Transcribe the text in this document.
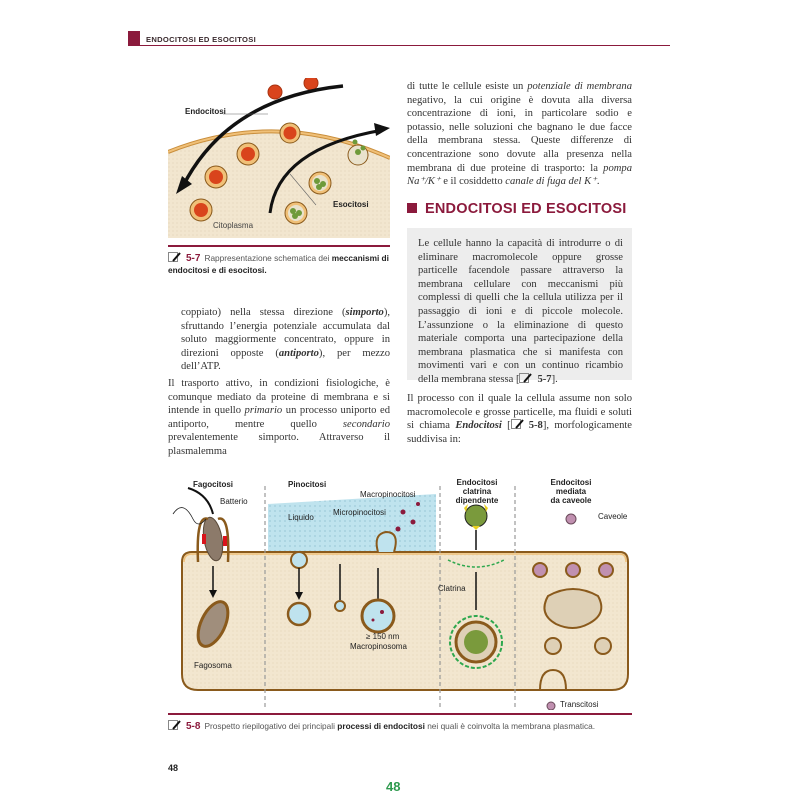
ENDOCITOSI ED ESOCITOSI
Endocitosi
Esocitosi
Citoplasma
5-7 Rappresentazione schematica dei meccanismi di endocitosi e di esocitosi.

coppiato) nella stessa direzione (simporto), sfruttando l’energia potenziale accumulata dal soluto maggiormente concentrato, oppure in direzioni opposte (antiporto), per mezzo dell’ATP.

Il trasporto attivo, in condizioni fisiologiche, è comunque mediato da proteine di membrana e si intende in quello primario un processo uniporto ed antiporto, mentre quello secondario prevalentemente simporto. Attraverso il plasmalemma

di tutte le cellule esiste un potenziale di membrana negativo, la cui origine è dovuta alla diversa concentrazione di ioni, in particolare sodio e potassio, nelle soluzioni che bagnano le due facce della membrana stessa. Queste differenze di concentrazione sono dovute alla presenza nella membrana di due proteine di trasporto: la pompa Na⁺/K⁺ e il cosiddetto canale di fuga del K⁺.

ENDOCITOSI ED ESOCITOSI

Le cellule hanno la capacità di introdurre o di eliminare macromolecole oppure grosse particelle facendole passare attraverso la membrana cellulare con meccanismi più complessi di quelli che la cellula utilizza per il passaggio di ioni e di piccole molecole. L’assunzione o la eliminazione di questo materiale comporta una partecipazione della membrana plasmatica che si manifesta con movimenti vari e con un continuo ricambio della membrana stessa [ 5-7].

Il processo con il quale la cellula assume non solo macromolecole e grosse particelle, ma fluidi e soluti si chiama Endocitosi [ 5-8], morfologicamente suddivisa in:

Fagocitosi
Batterio
Fagosoma
Pinocitosi
Liquido
Micropinocitosi
Macropinocitosi
≥ 150 nm
Macropinosoma
Endocitosi
clatrina
dipendente
Clatrina
Endocitosi
mediata
da caveole
Caveole
Transcitosi
5-8 Prospetto riepilogativo dei principali processi di endocitosi nei quali è coinvolta la membrana plasmatica.
48
48
